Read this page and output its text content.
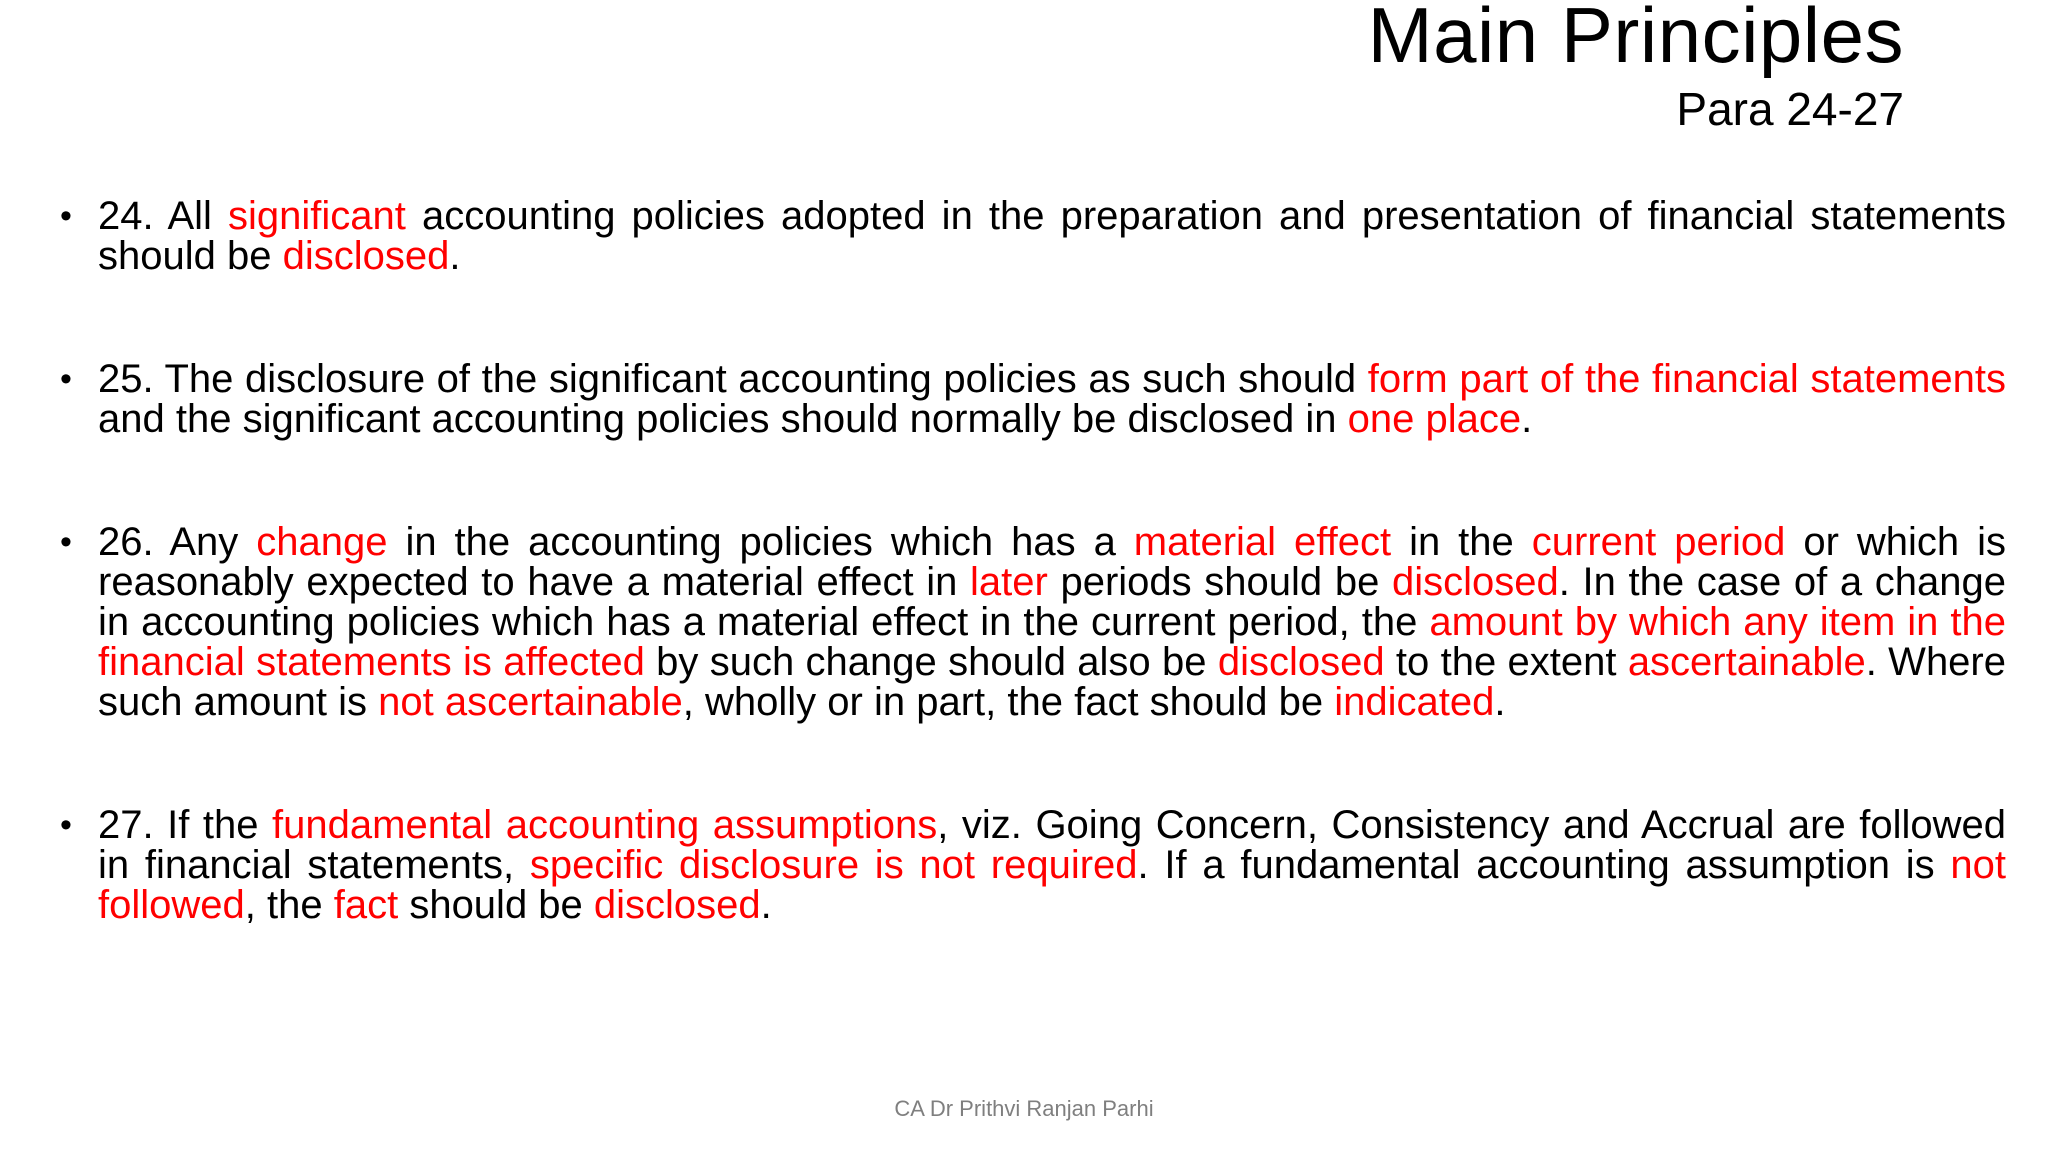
Main Principles
Para 24-27
• 24. All significant accounting policies adopted in the preparation and presentation of financial statements should be disclosed.
• 25. The disclosure of the significant accounting policies as such should form part of the financial statements and the significant accounting policies should normally be disclosed in one place.
• 26. Any change in the accounting policies which has a material effect in the current period or which is reasonably expected to have a material effect in later periods should be disclosed. In the case of a change in accounting policies which has a material effect in the current period, the amount by which any item in the financial statements is affected by such change should also be disclosed to the extent ascertainable. Where such amount is not ascertainable, wholly or in part, the fact should be indicated.
• 27. If the fundamental accounting assumptions, viz. Going Concern, Consistency and Accrual are followed in financial statements, specific disclosure is not required. If a fundamental accounting assumption is not followed, the fact should be disclosed.
CA Dr Prithvi Ranjan Parhi
